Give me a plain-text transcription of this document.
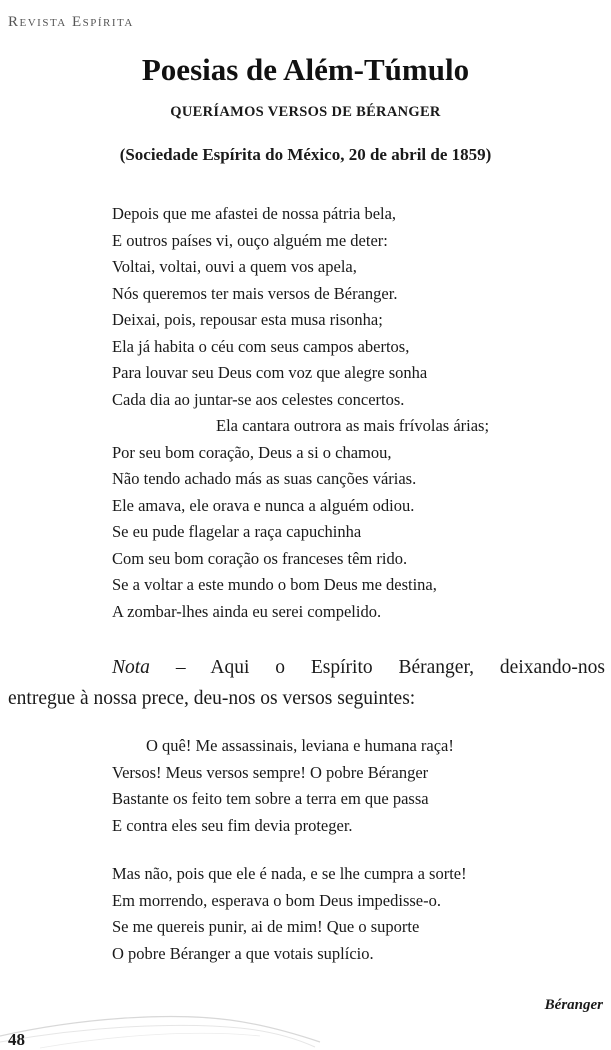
Revista Espírita
Poesias de Além-Túmulo
QUERÍAMOS VERSOS DE BÉRANGER
(Sociedade Espírita do México, 20 de abril de 1859)
Depois que me afastei de nossa pátria bela,
E outros países vi, ouço alguém me deter:
Voltai, voltai, ouvi a quem vos apela,
Nós queremos ter mais versos de Béranger.
Deixai, pois, repousar esta musa risonha;
Ela já habita o céu com seus campos abertos,
Para louvar seu Deus com voz que alegre sonha
Cada dia ao juntar-se aos celestes concertos.
Ela cantara outrora as mais frívolas árias;
Por seu bom coração, Deus a si o chamou,
Não tendo achado más as suas canções várias.
Ele amava, ele orava e nunca a alguém odiou.
Se eu pude flagelar a raça capuchinha
Com seu bom coração os franceses têm rido.
Se a voltar a este mundo o bom Deus me destina,
A zombar-lhes ainda eu serei compelido.
Nota – Aqui o Espírito Béranger, deixando-nos
entregue à nossa prece, deu-nos os versos seguintes:
O quê! Me assassinais, leviana e humana raça!
Versos! Meus versos sempre! O pobre Béranger
Bastante os feito tem sobre a terra em que passa
E contra eles seu fim devia proteger.
Mas não, pois que ele é nada, e se lhe cumpra a sorte!
Em morrendo, esperava o bom Deus impedisse-o.
Se me quereis punir, ai de mim! Que o suporte
O pobre Béranger a que votais suplício.
Béranger
48
